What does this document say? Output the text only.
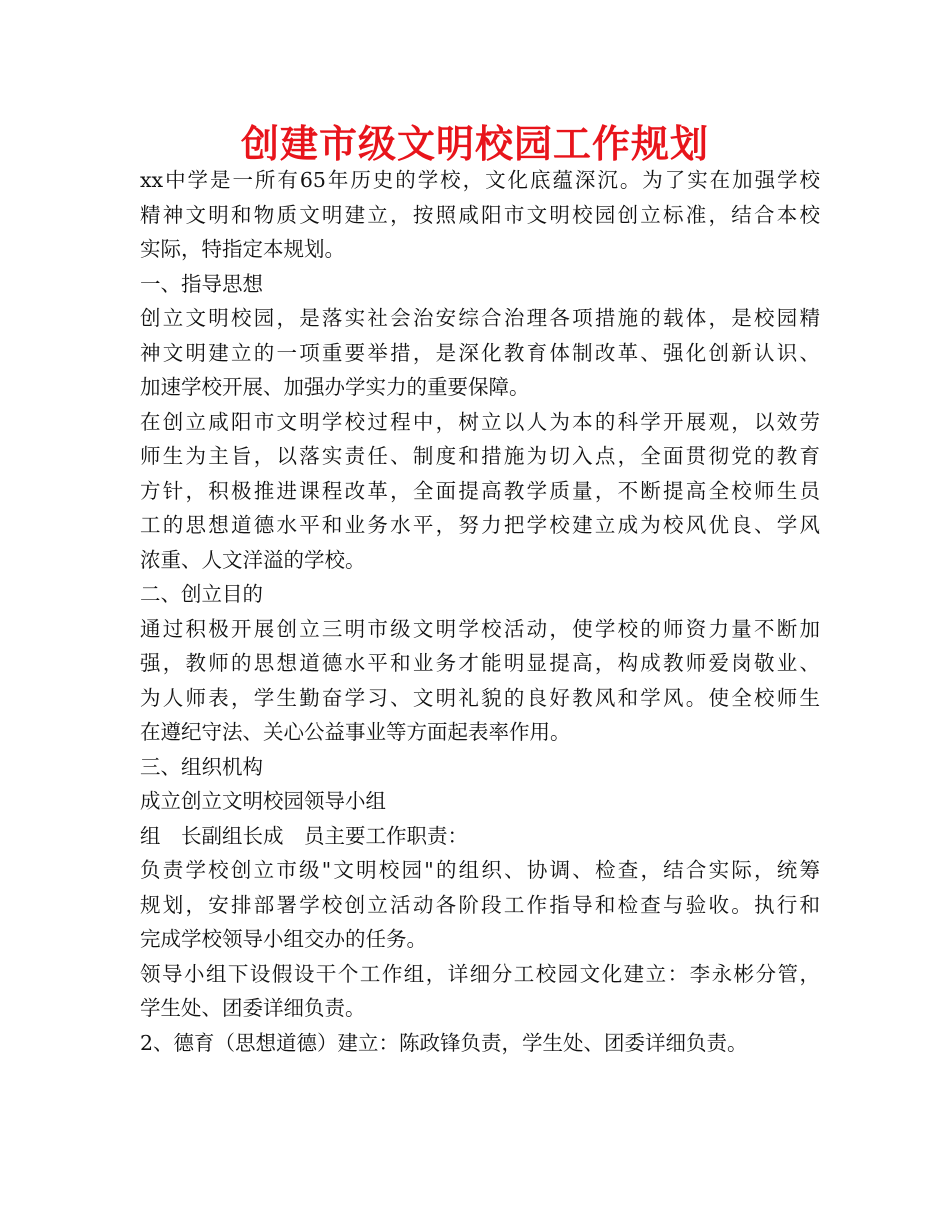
创建市级文明校园工作规划
xx中学是一所有65年历史的学校，文化底蕴深沉。为了实在加强学校
精神文明和物质文明建立，按照咸阳市文明校园创立标准，结合本校
实际，特指定本规划。
一、指导思想
创立文明校园，是落实社会治安综合治理各项措施的载体，是校园精
神文明建立的一项重要举措，是深化教育体制改革、强化创新认识、
加速学校开展、加强办学实力的重要保障。
在创立咸阳市文明学校过程中，树立以人为本的科学开展观，以效劳
师生为主旨，以落实责任、制度和措施为切入点，全面贯彻党的教育
方针，积极推进课程改革，全面提高教学质量，不断提高全校师生员
工的思想道德水平和业务水平，努力把学校建立成为校风优良、学风
浓重、人文洋溢的学校。
二、创立目的
通过积极开展创立三明市级文明学校活动，使学校的师资力量不断加
强，教师的思想道德水平和业务才能明显提高，构成教师爱岗敬业、
为人师表，学生勤奋学习、文明礼貌的良好教风和学风。使全校师生
在遵纪守法、关心公益事业等方面起表率作用。
三、组织机构
成立创立文明校园领导小组
组　长副组长成　员主要工作职责：
负责学校创立市级"文明校园"的组织、协调、检查，结合实际，统筹
规划，安排部署学校创立活动各阶段工作指导和检查与验收。执行和
完成学校领导小组交办的任务。
领导小组下设假设干个工作组，详细分工校园文化建立：李永彬分管，
学生处、团委详细负责。
2、德育（思想道德）建立：陈政锋负责，学生处、团委详细负责。
